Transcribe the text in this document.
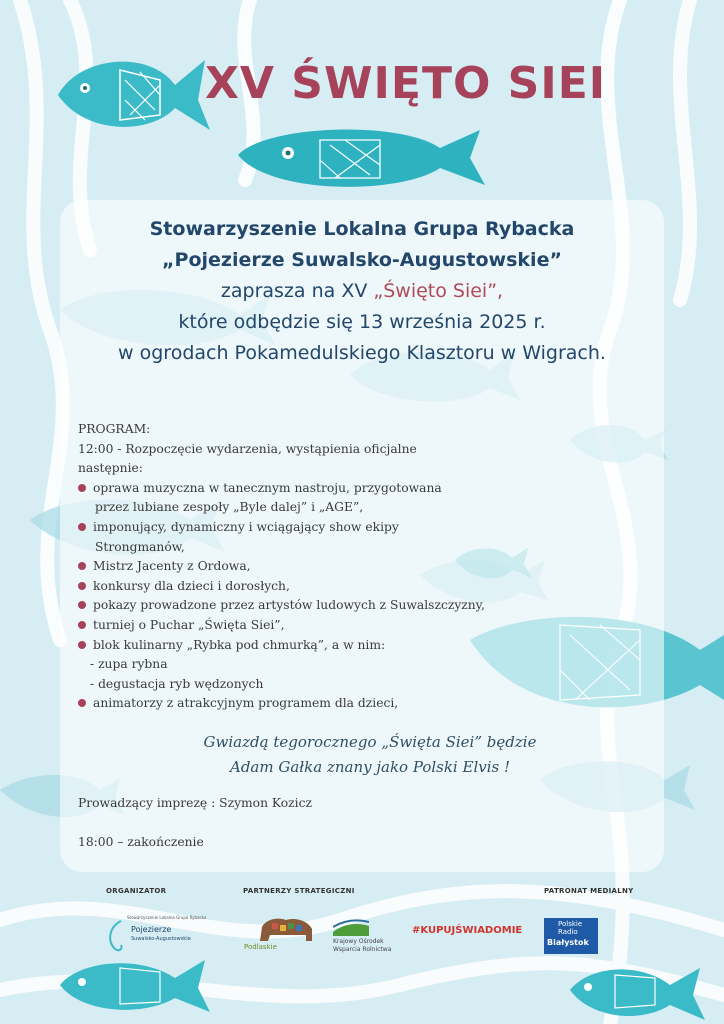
XV ŚWIĘTO SIEI
Stowarzyszenie Lokalna Grupa Rybacka
„Pojezierze Suwalsko-Augustowskie”
zaprasza na XV „Święto Siei”,
które odbędzie się 13 września 2025 r.
w ogrodach Pokamedulskiego Klasztoru w Wigrach.
PROGRAM:
12:00 - Rozpoczęcie wydarzenia, wystąpienia oficjalne
następnie:
oprawa muzyczna w tanecznym nastroju, przygotowana
przez lubiane zespoły „Byle dalej” i „AGE”,
imponujący, dynamiczny i wciągający show ekipy
Strongmanów,
Mistrz Jacenty z Ordowa,
konkursy dla dzieci i dorosłych,
pokazy prowadzone przez artystów ludowych z Suwalszczyzny,
turniej o Puchar „Święta Siei”,
blok kulinarny „Rybka pod chmurką”, a w nim:
- zupa rybna
- degustacja ryb wędzonych
animatorzy z atrakcyjnym programem dla dzieci,
Gwiazdą tegorocznego „Święta Siei” będzie
Adam Gałka znany jako Polski Elvis !
Prowadzący imprezę : Szymon Kozicz
18:00 – zakończenie
ORGANIZATOR	PARTNERZY STRATEGICZNI	PATRONAT MEDIALNY
Stowarzyszenie Lokalna Grupa Rybacka
Pojezierze
Suwalsko-Augustowskie
Podlaskie
Krajowy Ośrodek
Wsparcia Rolnictwa
#KUPUJŚWIADOMIE
Polskie
Radio
Białystok
